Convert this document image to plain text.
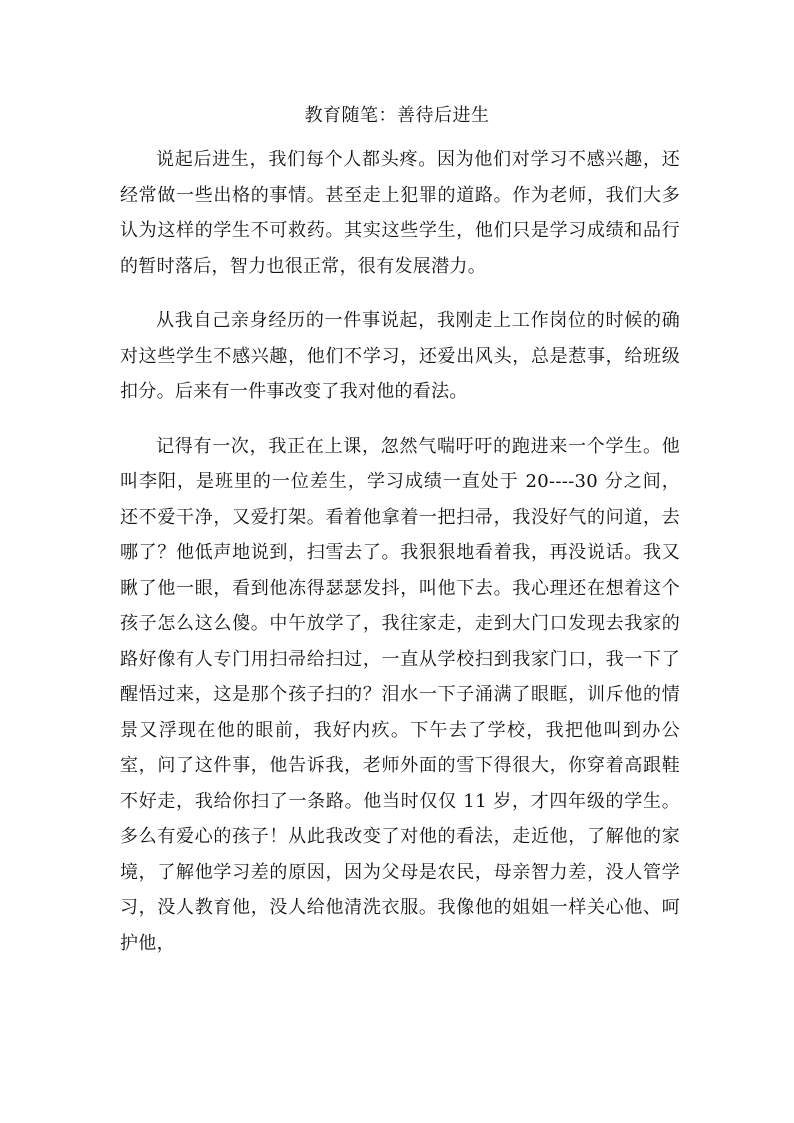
教育随笔：善待后进生

说起后进生，我们每个人都头疼。因为他们对学习不感兴趣，还经常做一些出格的事情。甚至走上犯罪的道路。作为老师，我们大多认为这样的学生不可救药。其实这些学生，他们只是学习成绩和品行的暂时落后，智力也很正常，很有发展潜力。

从我自己亲身经历的一件事说起，我刚走上工作岗位的时候的确对这些学生不感兴趣，他们不学习，还爱出风头，总是惹事，给班级扣分。后来有一件事改变了我对他的看法。

记得有一次，我正在上课，忽然气喘吁吁的跑进来一个学生。他叫李阳，是班里的一位差生，学习成绩一直处于 20----30 分之间，还不爱干净，又爱打架。看着他拿着一把扫帚，我没好气的问道，去哪了？他低声地说到，扫雪去了。我狠狠地看着我，再没说话。我又瞅了他一眼，看到他冻得瑟瑟发抖，叫他下去。我心理还在想着这个孩子怎么这么傻。中午放学了，我往家走，走到大门口发现去我家的路好像有人专门用扫帚给扫过，一直从学校扫到我家门口，我一下了醒悟过来，这是那个孩子扫的？泪水一下子涌满了眼眶，训斥他的情景又浮现在他的眼前，我好内疚。下午去了学校，我把他叫到办公室，问了这件事，他告诉我，老师外面的雪下得很大，你穿着高跟鞋不好走，我给你扫了一条路。他当时仅仅 11 岁，才四年级的学生。多么有爱心的孩子！从此我改变了对他的看法，走近他，了解他的家境，了解他学习差的原因，因为父母是农民，母亲智力差，没人管学习，没人教育他，没人给他清洗衣服。我像他的姐姐一样关心他、呵护他，
